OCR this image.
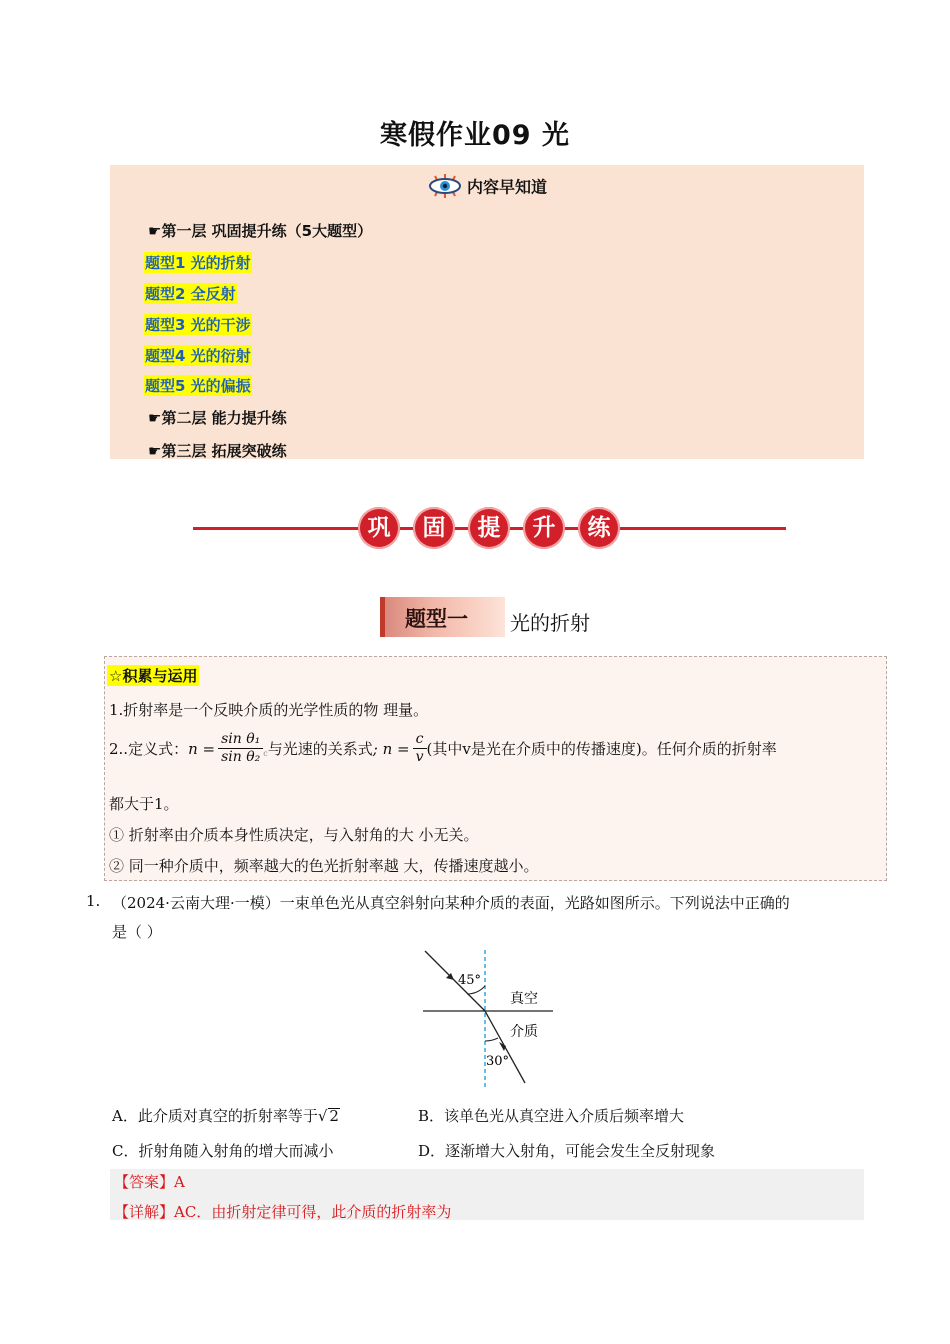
寒假作业09 光
内容早知道
☛第一层 巩固提升练（5大题型）
题型1 光的折射
题型2 全反射
题型3 光的干涉
题型4 光的衍射
题型5 光的偏振
☛第二层 能力提升练
☛第三层 拓展突破练
巩	固	提	升	练
题型一 光的折射
☆积累与运用
1.折射率是一个反映介质的光学性质的物 理量。
2..定义式： $n = \frac{\text{sin θ₁}}{\text{sin θ₂}}$ c 与光速的关系式 ; $n = \frac{c}{v}$ (其中v是光在介质中的传播速度)。任何介质的折射率
都大于1。
① 折射率由介质本身性质决定，与入射角的大 小无关。
② 同一种介质中，频率越大的色光折射率越 大，传播速度越小。
1. （2024·云南大理·一模）一束单色光从真空斜射向某种介质的表面，光路如图所示。下列说法中正确的
是（ ）
45°
30°
真空
介质
A．此介质对真空的折射率等于√ 2	B．该单色光从真空进入介质后频率增大
C．折射角随入射角的增大而减小	D．逐渐增大入射角，可能会发生全反射现象
【答案】A
【详解】AC．由折射定律可得，此介质的折射率为
